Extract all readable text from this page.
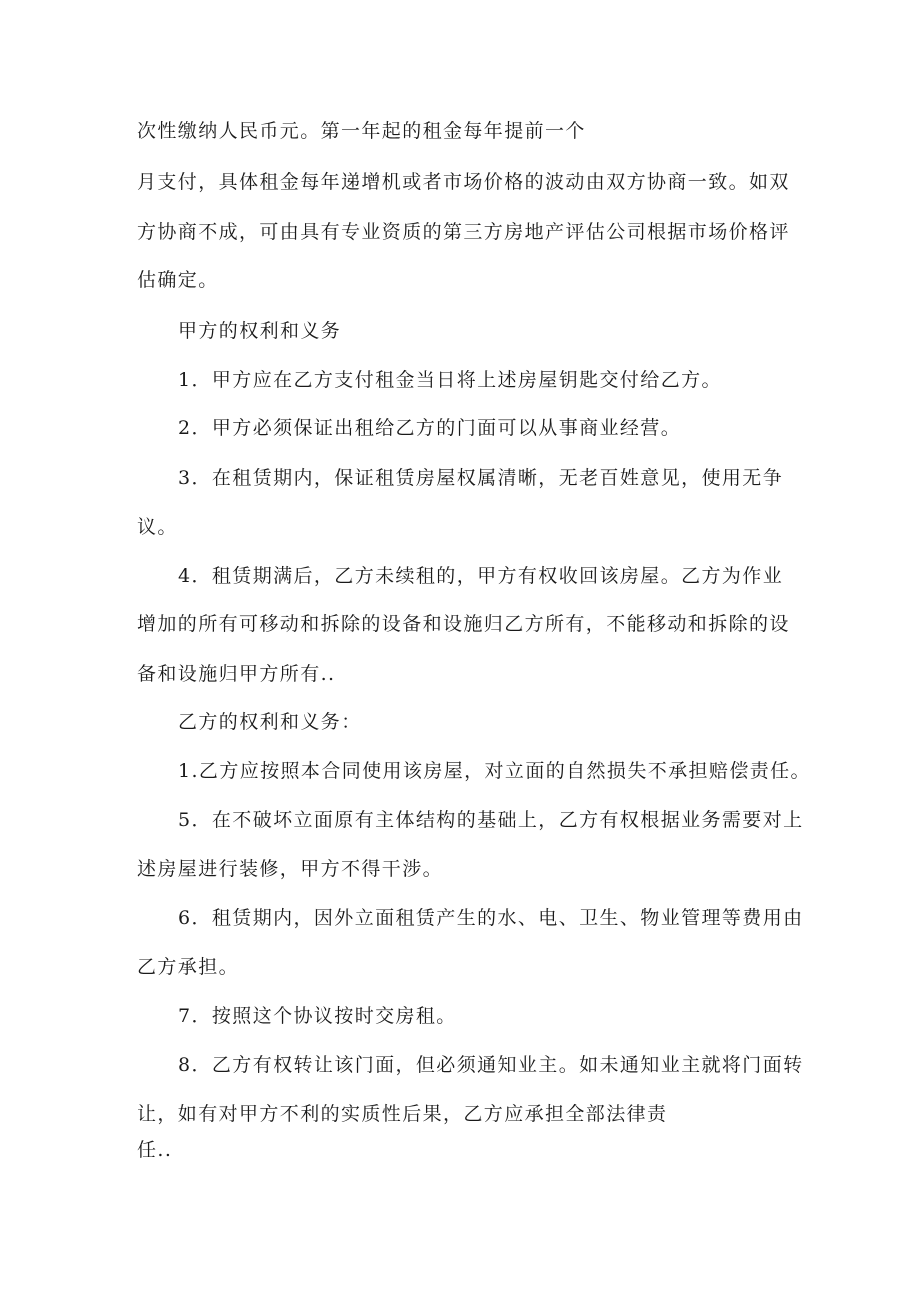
次性缴纳人民币元。第一年起的租金每年提前一个

月支付，具体租金每年递增机或者市场价格的波动由双方协商一致。如双

方协商不成，可由具有专业资质的第三方房地产评估公司根据市场价格评

估确定。

甲方的权利和义务

1．甲方应在乙方支付租金当日将上述房屋钥匙交付给乙方。

2．甲方必须保证出租给乙方的门面可以从事商业经营。

3．在租赁期内，保证租赁房屋权属清晰，无老百姓意见，使用无争

议。

4．租赁期满后，乙方未续租的，甲方有权收回该房屋。乙方为作业

增加的所有可移动和拆除的设备和设施归乙方所有，不能移动和拆除的设

备和设施归甲方所有..

乙方的权利和义务：

1.乙方应按照本合同使用该房屋，对立面的自然损失不承担赔偿责任。

5．在不破坏立面原有主体结构的基础上，乙方有权根据业务需要对上

述房屋进行装修，甲方不得干涉。

6．租赁期内，因外立面租赁产生的水、电、卫生、物业管理等费用由

乙方承担。

7．按照这个协议按时交房租。

8．乙方有权转让该门面，但必须通知业主。如未通知业主就将门面转

让，如有对甲方不利的实质性后果，乙方应承担全部法律责

任..
